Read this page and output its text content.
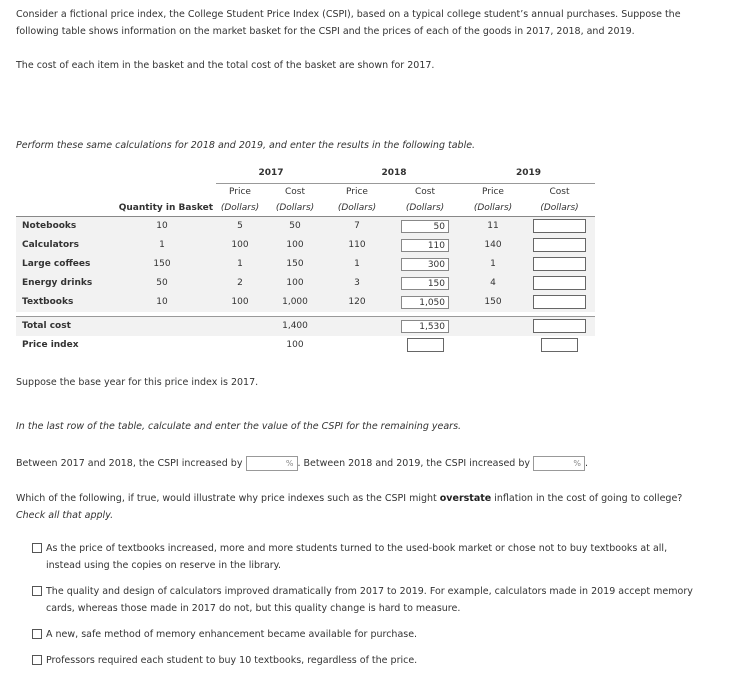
Consider a fictional price index, the College Student Price Index (CSPI), based on a typical college student’s annual purchases. Suppose the following table shows information on the market basket for the CSPI and the prices of each of the goods in 2017, 2018, and 2019.

The cost of each item in the basket and the total cost of the basket are shown for 2017.

Perform these same calculations for 2018 and 2019, and enter the results in the following table.

		2017		2018		2019	
		Price	Cost	Price	Cost	Price	Cost
	Quantity in Basket	(Dollars)	(Dollars)	(Dollars)	(Dollars)	(Dollars)	(Dollars)
Notebooks	10	5	50	7	50	11	
Calculators	1	100	100	110	110	140	
Large coffees	150	1	150	1	300	1	
Energy drinks	50	2	100	3	150	4	
Textbooks	10	100	1,000	120	1,050	150	

Total cost			1,400		1,530		
Price index			100				

Suppose the base year for this price index is 2017.

In the last row of the table, calculate and enter the value of the CSPI for the remaining years.

Between 2017 and 2018, the CSPI increased by	% . Between 2018 and 2019, the CSPI increased by	% .

Which of the following, if true, would illustrate why price indexes such as the CSPI might overstate inflation in the cost of going to college? Check all that apply.

As the price of textbooks increased, more and more students turned to the used-book market or chose not to buy textbooks at all, instead using the copies on reserve in the library.
The quality and design of calculators improved dramatically from 2017 to 2019. For example, calculators made in 2019 accept memory cards, whereas those made in 2017 do not, but this quality change is hard to measure.
A new, safe method of memory enhancement became available for purchase.
Professors required each student to buy 10 textbooks, regardless of the price.
